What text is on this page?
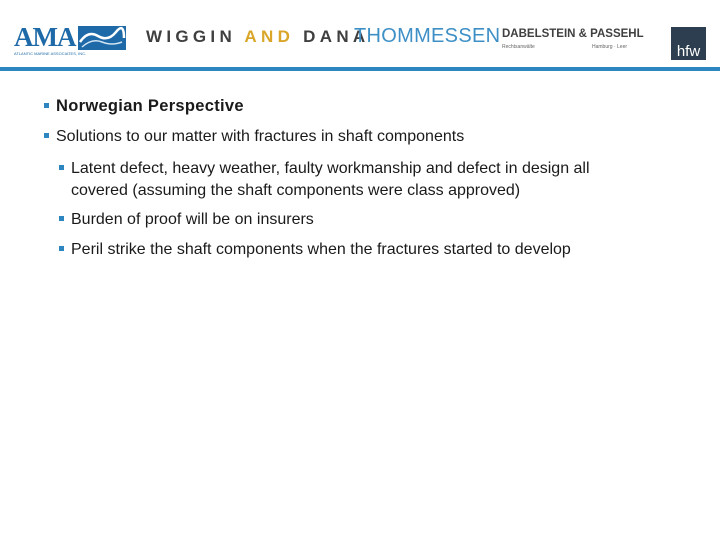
AMA
ATLANTIC MARINE ASSOCIATES, INC.
WIGGIN AND DANA
THOMMESSEN DABELSTEIN & PASSEHL
Rechtsanwälte	Hamburg · Leer	hfw
Norwegian Perspective
Solutions to our matter with fractures in shaft components
Latent defect, heavy weather, faulty workmanship and defect in design all
covered (assuming the shaft components were class approved)
Burden of proof will be on insurers
Peril strike the shaft components when the fractures started to develop
